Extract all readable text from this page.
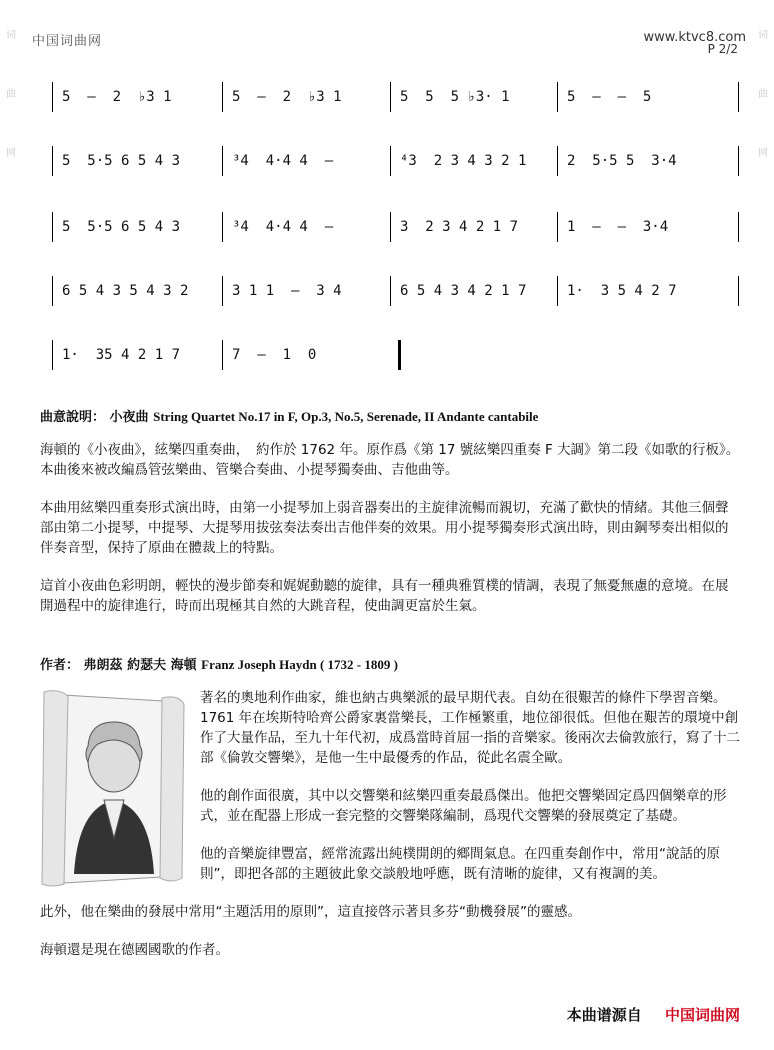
中国词曲网	www.ktvc8.com
P 2/2
词
曲
网
词
曲
网
5  –  2  ♭3 1	5  –  2  ♭3 1	5  5  5 ♭3· 1	5  –  –  5
5  5·5 6 5 4 3	³4  4·4 4  –	⁴3  2 3 4 3 2 1	2  5·5 5  3·4
5  5·5 6 5 4 3	³4  4·4 4  –	3  2 3 4 2 1 7	1  –  –  3·4
6 5 4 3 5 4 3 2	3 1 1  –  3 4	6 5 4 3 4 2 1 7	1·  3 5 4 2 7
1·  35 4 2 1 7	7  –  1  0
曲意說明： 小夜曲 String Quartet No.17 in F, Op.3, No.5, Serenade, II Andante cantabile
海頓的《小夜曲》，絃樂四重奏曲，　約作於 1762 年。原作爲《第 17 號絃樂四重奏 F 大調》第二段《如歌的行板》。本曲後來被改編爲管弦樂曲、管樂合奏曲、小提琴獨奏曲、吉他曲等。
本曲用絃樂四重奏形式演出時，由第一小提琴加上弱音器奏出的主旋律流暢而親切，充滿了歡快的情緒。其他三個聲部由第二小提琴，中提琴、大提琴用拔弦奏法奏出吉他伴奏的效果。用小提琴獨奏形式演出時，則由鋼琴奏出相似的伴奏音型，保持了原曲在體裁上的特點。
這首小夜曲色彩明朗，輕快的漫步節奏和娓娓動聽的旋律，具有一種典雅質樸的情調，表現了無憂無慮的意境。在展開過程中的旋律進行，時而出現極其自然的大跳音程，使曲調更富於生氣。
作者： 弗朗茲 約瑟夫 海頓 Franz Joseph Haydn ( 1732 - 1809 )
著名的奧地利作曲家，維也納古典樂派的最早期代表。自幼在很艱苦的條件下學習音樂。1761 年在埃斯特哈齊公爵家裏當樂長，工作極繁重，地位卻很低。但他在艱苦的環境中創作了大量作品，至九十年代初，成爲當時首屈一指的音樂家。後兩次去倫敦旅行，寫了十二部《倫敦交響樂》，是他一生中最優秀的作品，從此名震全歐。
他的創作面很廣，其中以交響樂和絃樂四重奏最爲傑出。他把交響樂固定爲四個樂章的形式，並在配器上形成一套完整的交響樂隊編制，爲現代交響樂的發展奠定了基礎。
他的音樂旋律豐富，經常流露出純樸開朗的鄉間氣息。在四重奏創作中，常用“說話的原則”，即把各部的主題彼此象交談般地呼應，既有清晰的旋律，又有複調的美。
此外，他在樂曲的發展中常用“主題活用的原則”，這直接啓示著貝多芬“動機發展”的靈感。
海頓還是現在德國國歌的作者。
本曲谱源自 中国词曲网
